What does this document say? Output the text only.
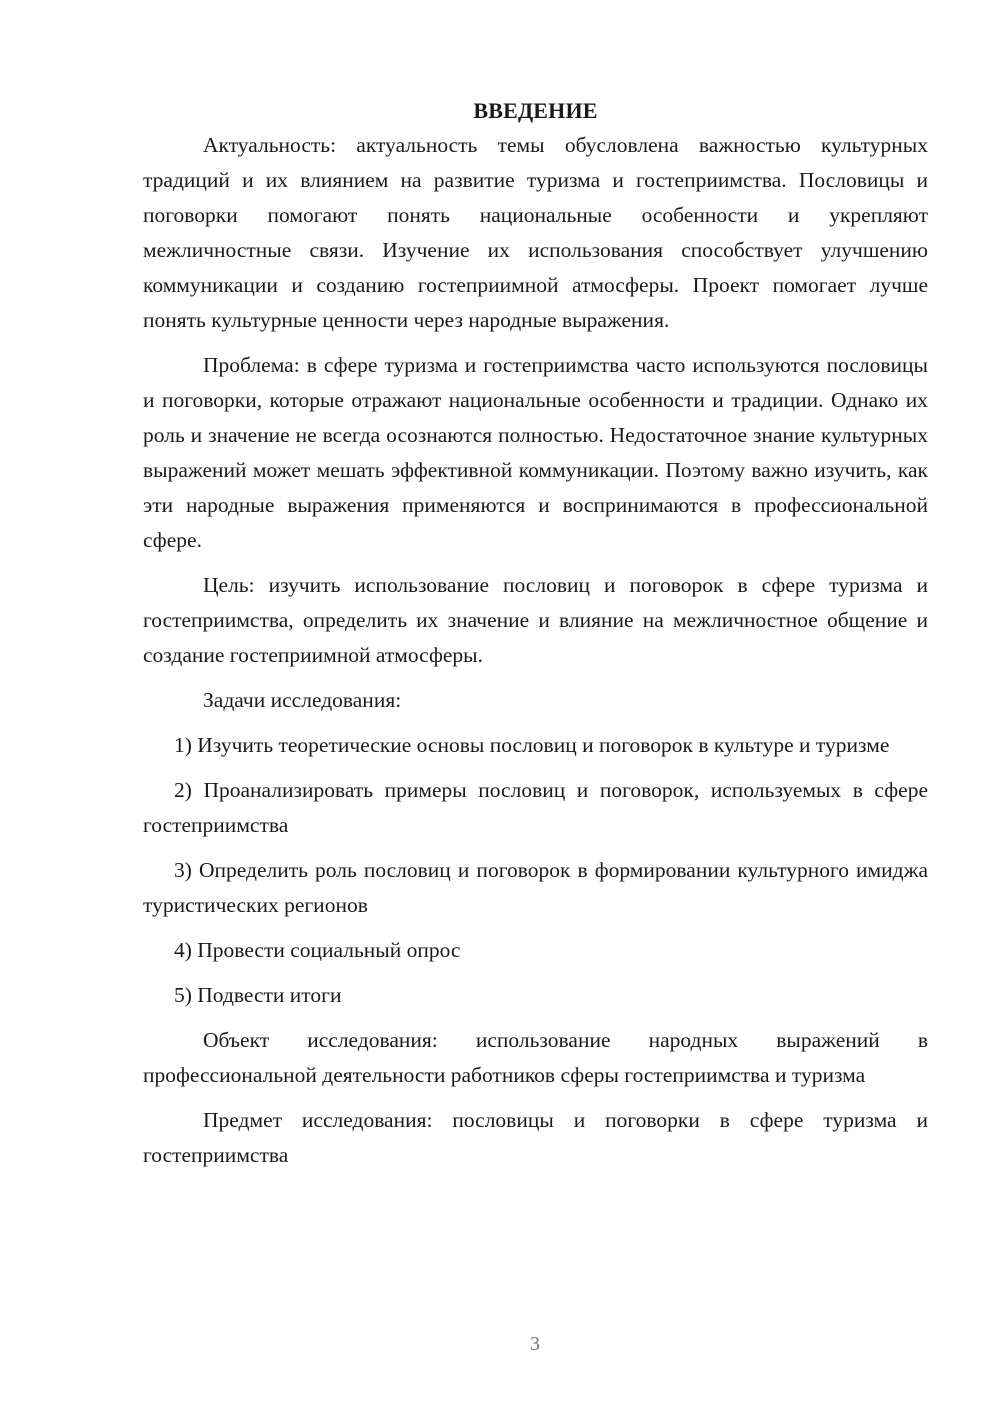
ВВЕДЕНИЕ

Актуальность: актуальность темы обусловлена важностью культурных традиций и их влиянием на развитие туризма и гостеприимства. Пословицы и поговорки помогают понять национальные особенности и укрепляют межличностные связи. Изучение их использования способствует улучшению коммуникации и созданию гостеприимной атмосферы. Проект помогает лучше понять культурные ценности через народные выражения.

Проблема: в сфере туризма и гостеприимства часто используются пословицы и поговорки, которые отражают национальные особенности и традиции. Однако их роль и значение не всегда осознаются полностью. Недостаточное знание культурных выражений может мешать эффективной коммуникации. Поэтому важно изучить, как эти народные выражения применяются и воспринимаются в профессиональной сфере.

Цель: изучить использование пословиц и поговорок в сфере туризма и гостеприимства, определить их значение и влияние на межличностное общение и создание гостеприимной атмосферы.

Задачи исследования:

1) Изучить теоретические основы пословиц и поговорок в культуре и туризме

2) Проанализировать примеры пословиц и поговорок, используемых в сфере гостеприимства

3) Определить роль пословиц и поговорок в формировании культурного имиджа туристических регионов

4) Провести социальный опрос

5) Подвести итоги

Объект исследования: использование народных выражений в профессиональной деятельности работников сферы гостеприимства и туризма

Предмет исследования: пословицы и поговорки в сфере туризма и гостеприимства

3
